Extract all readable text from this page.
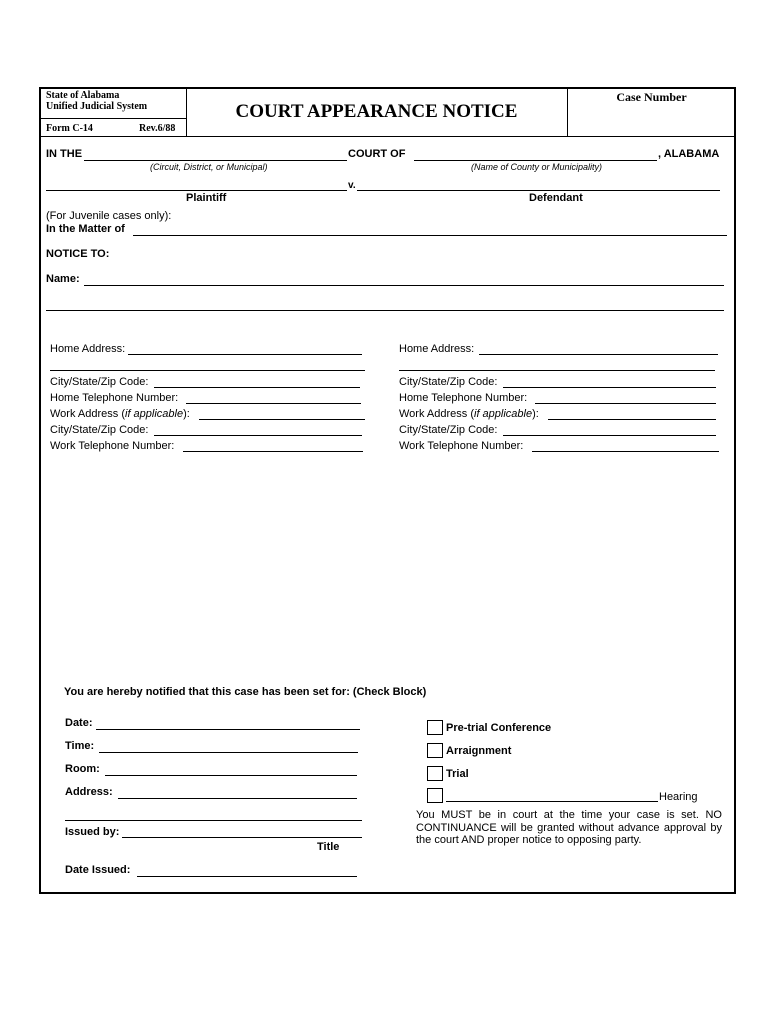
State of Alabama
Unified Judicial System
Form C-14	Rev.6/88
COURT APPEARANCE NOTICE
Case Number
IN THE	COURT OF	, ALABAMA
(Circuit, District, or Municipal)	(Name of County or Municipality)
v.
Plaintiff	Defendant
(For Juvenile cases only):
In the Matter of
NOTICE TO:
Name:
Home Address:
City/State/Zip Code:
Home Telephone Number:
Work Address (if applicable):
City/State/Zip Code:
Work Telephone Number:
Home Address:
City/State/Zip Code:
Home Telephone Number:
Work Address (if applicable):
City/State/Zip Code:
Work Telephone Number:
You are hereby notified that this case has been set for: (Check Block)
Date:
Time:
Room:
Address:
Issued by:
Title
Date Issued:
Pre-trial Conference
Arraignment
Trial
Hearing
You MUST be in court at the time your case is set. NO CONTINUANCE will be granted without advance approval by the court AND proper notice to opposing party.
